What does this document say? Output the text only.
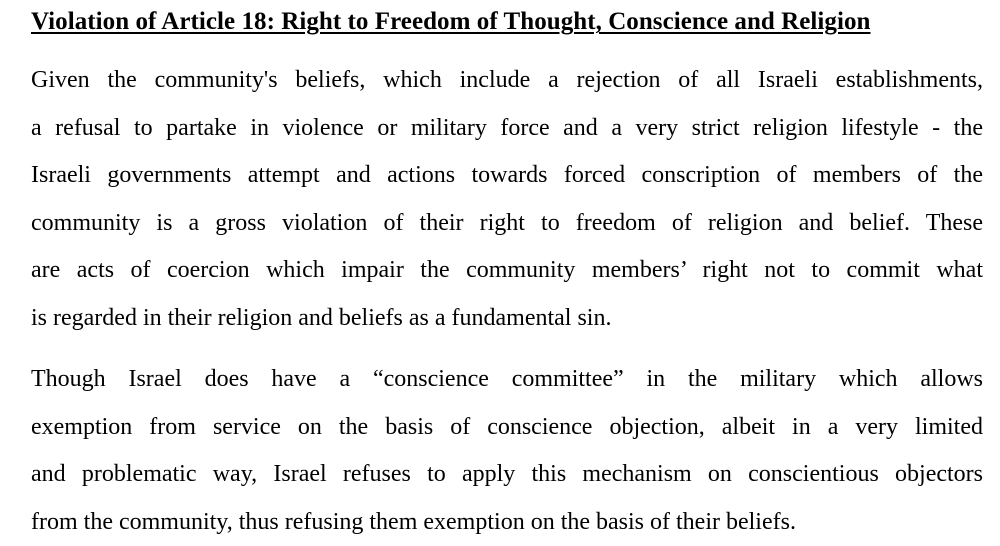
Violation of Article 18: Right to Freedom of Thought, Conscience and Religion
Given the community's beliefs, which include a rejection of all Israeli establishments,
a refusal to partake in violence or military force and a very strict religion lifestyle - the
Israeli governments attempt and actions towards forced conscription of members of the
community is a gross violation of their right to freedom of religion and belief. These
are acts of coercion which impair the community members’ right not to commit what
is regarded in their religion and beliefs as a fundamental sin.
Though Israel does have a “conscience committee” in the military which allows
exemption from service on the basis of conscience objection, albeit in a very limited
and problematic way, Israel refuses to apply this mechanism on conscientious objectors
from the community, thus refusing them exemption on the basis of their beliefs.
